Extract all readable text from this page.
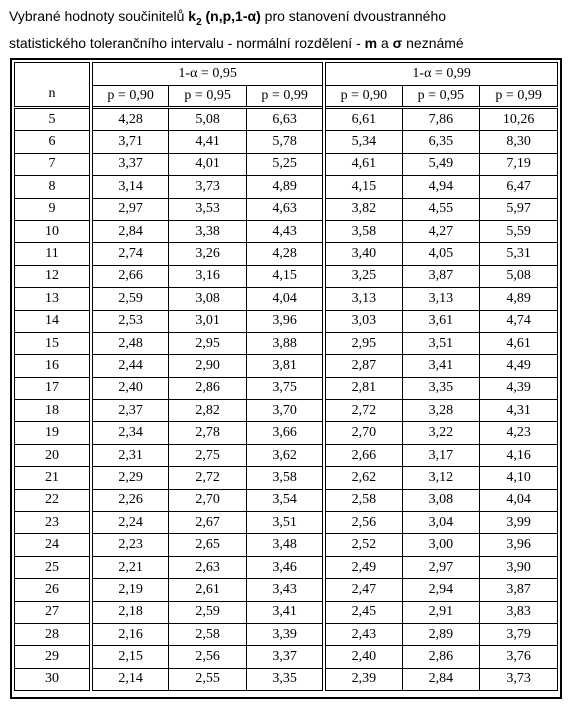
Vybrané hodnoty součinitelů $k_2$ (n,p,1-α) pro stanovení dvoustranného
statistického tolerančního intervalu - normální rozdělení - m a σ neznámé
n	1-α = 0,95			1-α = 0,99		
	p = 0,90	p = 0,95	p = 0,99	p = 0,90	p = 0,95	p = 0,99
5	4,28	5,08	6,63	6,61	7,86	10,26
6	3,71	4,41	5,78	5,34	6,35	8,30
7	3,37	4,01	5,25	4,61	5,49	7,19
8	3,14	3,73	4,89	4,15	4,94	6,47
9	2,97	3,53	4,63	3,82	4,55	5,97
10	2,84	3,38	4,43	3,58	4,27	5,59
11	2,74	3,26	4,28	3,40	4,05	5,31
12	2,66	3,16	4,15	3,25	3,87	5,08
13	2,59	3,08	4,04	3,13	3,13	4,89
14	2,53	3,01	3,96	3,03	3,61	4,74
15	2,48	2,95	3,88	2,95	3,51	4,61
16	2,44	2,90	3,81	2,87	3,41	4,49
17	2,40	2,86	3,75	2,81	3,35	4,39
18	2,37	2,82	3,70	2,72	3,28	4,31
19	2,34	2,78	3,66	2,70	3,22	4,23
20	2,31	2,75	3,62	2,66	3,17	4,16
21	2,29	2,72	3,58	2,62	3,12	4,10
22	2,26	2,70	3,54	2,58	3,08	4,04
23	2,24	2,67	3,51	2,56	3,04	3,99
24	2,23	2,65	3,48	2,52	3,00	3,96
25	2,21	2,63	3,46	2,49	2,97	3,90
26	2,19	2,61	3,43	2,47	2,94	3,87
27	2,18	2,59	3,41	2,45	2,91	3,83
28	2,16	2,58	3,39	2,43	2,89	3,79
29	2,15	2,56	3,37	2,40	2,86	3,76
30	2,14	2,55	3,35	2,39	2,84	3,73
